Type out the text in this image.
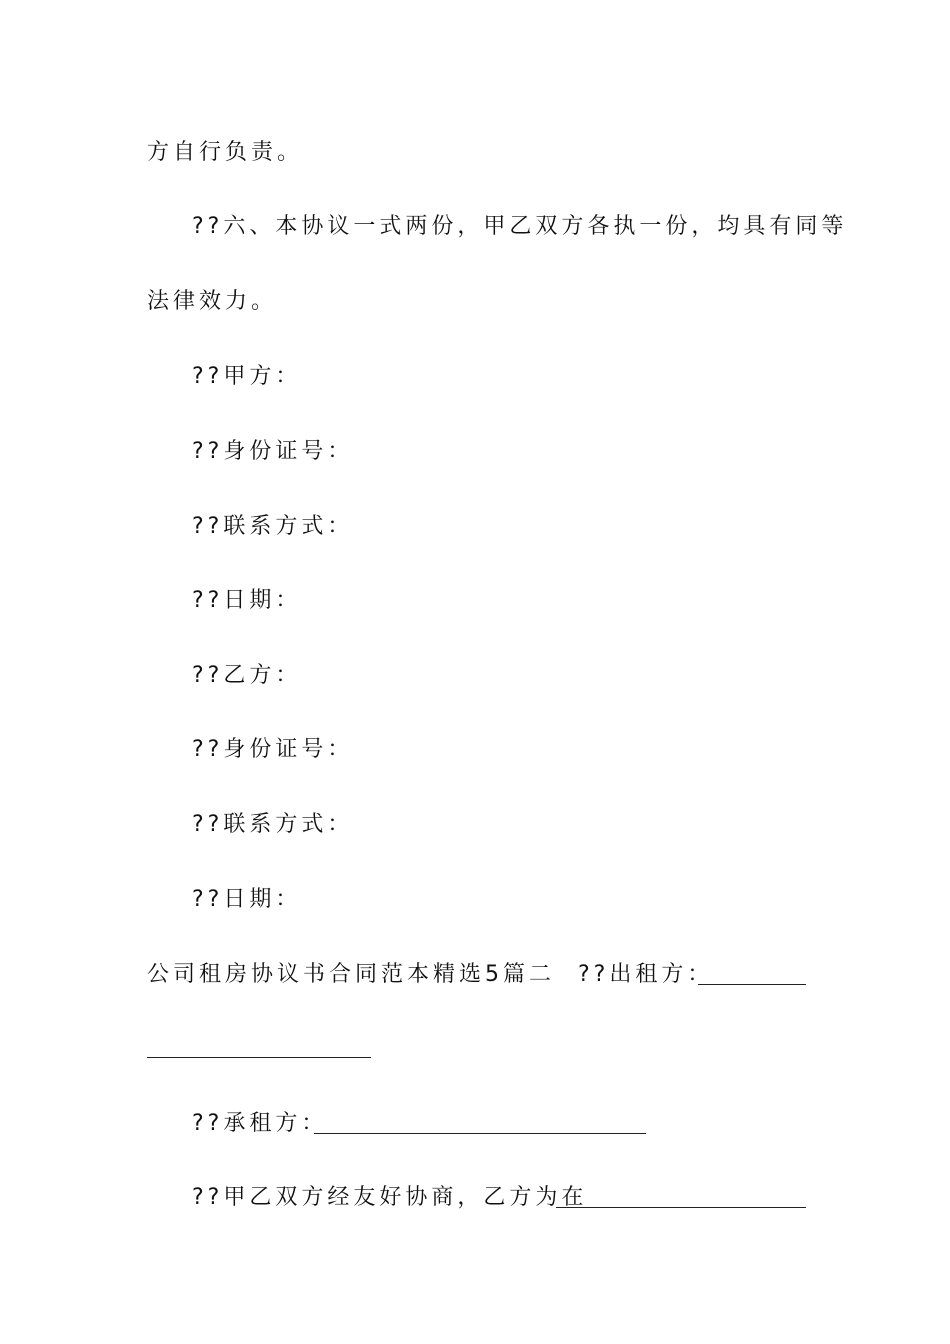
方自行负责。
??六、本协议一式两份，甲乙双方各执一份，均具有同等
法律效力。
??甲方：
??身份证号：
??联系方式：
??日期：
??乙方：
??身份证号：
??联系方式：
??日期：
公司租房协议书合同范本精选5篇二 ??出租方：
??承租方：
??甲乙双方经友好协商，乙方为在
